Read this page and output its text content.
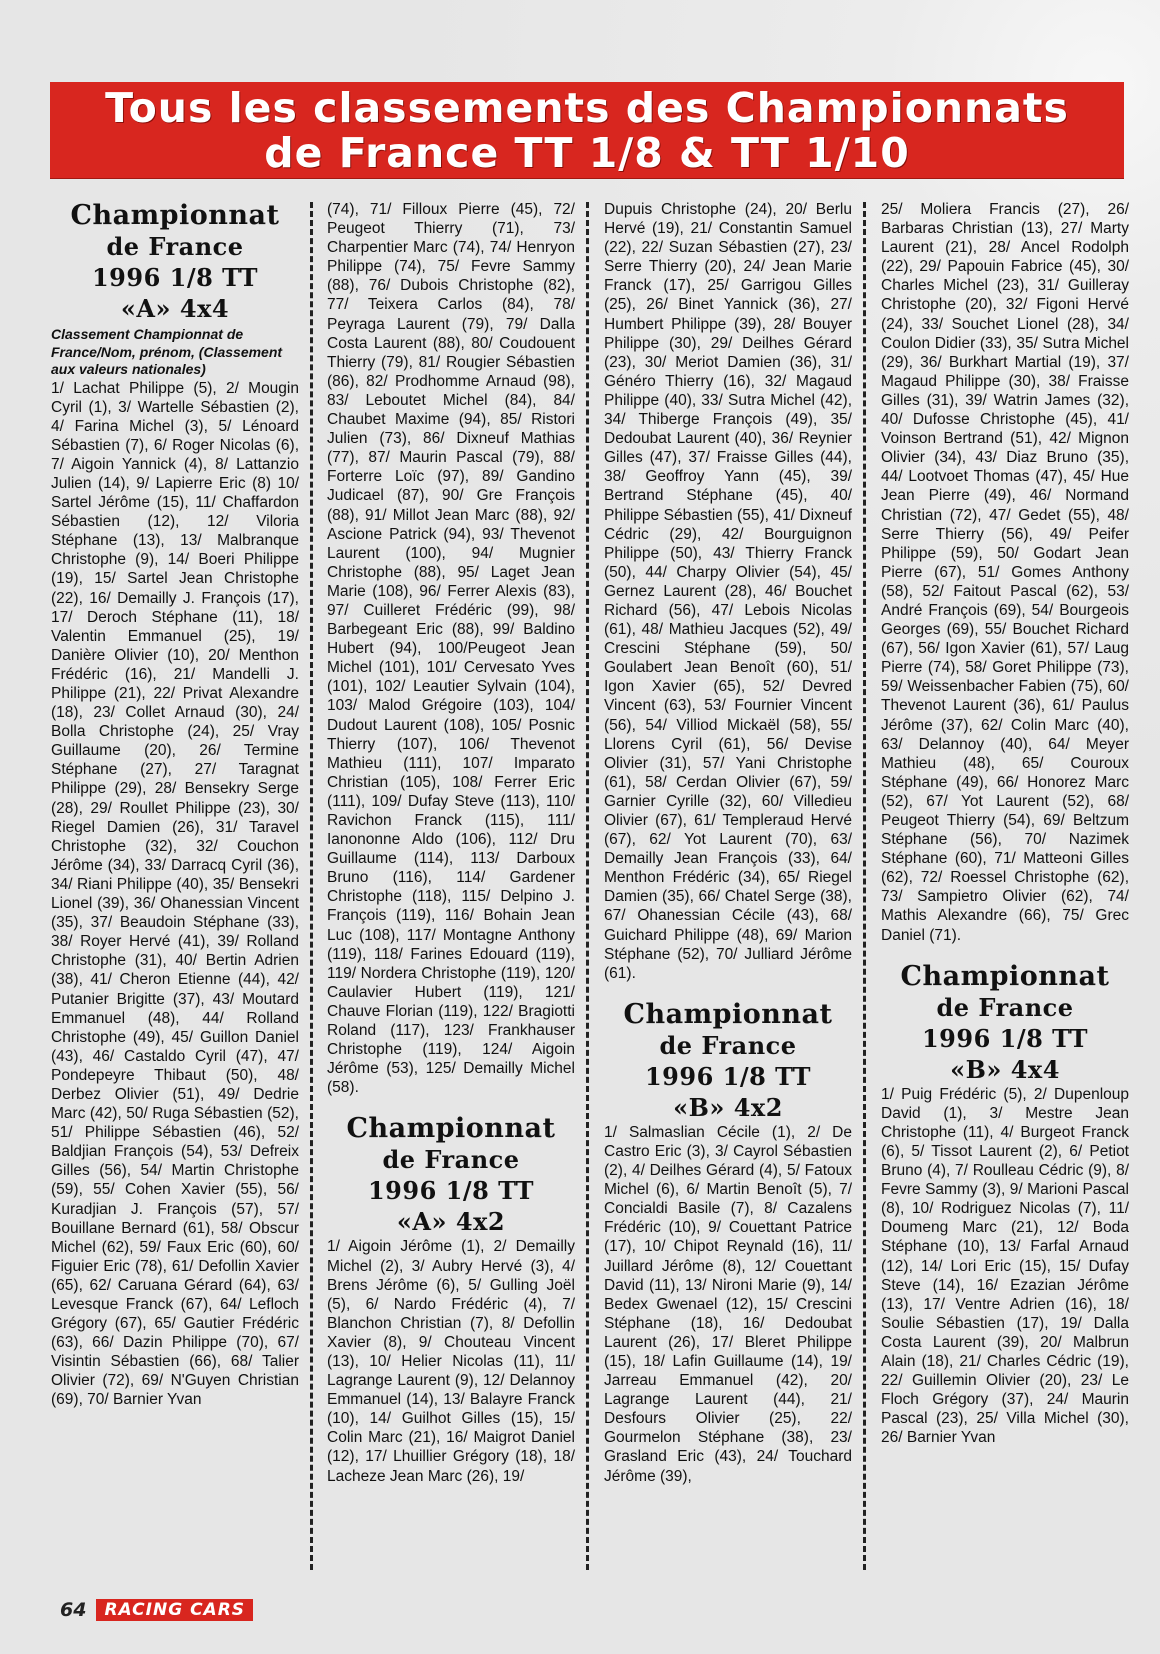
Tous les classements des Championnats
de France TT 1/8 & TT 1/10
Championnat
de France
1996 1/8 TT
«A» 4x4

Classement Championnat de France/Nom, prénom, (Classement aux valeurs nationales)

1/ Lachat Philippe (5), 2/ Mougin Cyril (1), 3/ Wartelle Sébastien (2), 4/ Farina Michel (3), 5/ Lénoard Sébastien (7), 6/ Roger Nicolas (6), 7/ Aigoin Yannick (4), 8/ Lattanzio Julien (14), 9/ Lapierre Eric (8) 10/ Sartel Jérôme (15), 11/ Chaffardon Sébastien (12), 12/ Viloria Stéphane (13), 13/ Malbranque Christophe (9), 14/ Boeri Philippe (19), 15/ Sartel Jean Christophe (22), 16/ Demailly J. François (17), 17/ Deroch Stéphane (11), 18/ Valentin Emmanuel (25), 19/ Danière Olivier (10), 20/ Menthon Frédéric (16), 21/ Mandelli J. Philippe (21), 22/ Privat Alexandre (18), 23/ Collet Arnaud (30), 24/ Bolla Christophe (24), 25/ Vray Guillaume (20), 26/ Termine Stéphane (27), 27/ Taragnat Philippe (29), 28/ Bensekry Serge (28), 29/ Roullet Philippe (23), 30/ Riegel Damien (26), 31/ Taravel Christophe (32), 32/ Couchon Jérôme (34), 33/ Darracq Cyril (36), 34/ Riani Philippe (40), 35/ Bensekri Lionel (39), 36/ Ohanessian Vincent (35), 37/ Beaudoin Stéphane (33), 38/ Royer Hervé (41), 39/ Rolland Christophe (31), 40/ Bertin Adrien (38), 41/ Cheron Etienne (44), 42/ Putanier Brigitte (37), 43/ Moutard Emmanuel (48), 44/ Rolland Christophe (49), 45/ Guillon Daniel (43), 46/ Castaldo Cyril (47), 47/ Pondepeyre Thibaut (50), 48/ Derbez Olivier (51), 49/ Dedrie Marc (42), 50/ Ruga Sébastien (52), 51/ Philippe Sébastien (46), 52/ Baldjian François (54), 53/ Defreix Gilles (56), 54/ Martin Christophe (59), 55/ Cohen Xavier (55), 56/ Kuradjian J. François (57), 57/ Bouillane Bernard (61), 58/ Obscur Michel (62), 59/ Faux Eric (60), 60/ Figuier Eric (78), 61/ Defollin Xavier (65), 62/ Caruana Gérard (64), 63/ Levesque Franck (67), 64/ Lefloch Grégory (67), 65/ Gautier Frédéric (63), 66/ Dazin Philippe (70), 67/ Visintin Sébastien (66), 68/ Talier Olivier (72), 69/ N'Guyen Christian (69), 70/ Barnier Yvan

(74), 71/ Filloux Pierre (45), 72/ Peugeot Thierry (71), 73/ Charpentier Marc (74), 74/ Henryon Philippe (74), 75/ Fevre Sammy (88), 76/ Dubois Christophe (82), 77/ Teixera Carlos (84), 78/ Peyraga Laurent (79), 79/ Dalla Costa Laurent (88), 80/ Coudouent Thierry (79), 81/ Rougier Sébastien (86), 82/ Prodhomme Arnaud (98), 83/ Leboutet Michel (84), 84/ Chaubet Maxime (94), 85/ Ristori Julien (73), 86/ Dixneuf Mathias (77), 87/ Maurin Pascal (79), 88/ Forterre Loïc (97), 89/ Gandino Judicael (87), 90/ Gre François (88), 91/ Millot Jean Marc (88), 92/ Ascione Patrick (94), 93/ Thevenot Laurent (100), 94/ Mugnier Christophe (88), 95/ Laget Jean Marie (108), 96/ Ferrer Alexis (83), 97/ Cuilleret Frédéric (99), 98/ Barbegeant Eric (88), 99/ Baldino Hubert (94), 100/Peugeot Jean Michel (101), 101/ Cervesato Yves (101), 102/ Leautier Sylvain (104), 103/ Malod Grégoire (103), 104/ Dudout Laurent (108), 105/ Posnic Thierry (107), 106/ Thevenot Mathieu (111), 107/ Imparato Christian (105), 108/ Ferrer Eric (111), 109/ Dufay Steve (113), 110/ Ravichon Franck (115), 111/ Ianononne Aldo (106), 112/ Dru Guillaume (114), 113/ Darboux Bruno (116), 114/ Gardener Christophe (118), 115/ Delpino J. François (119), 116/ Bohain Jean Luc (108), 117/ Montagne Anthony (119), 118/ Farines Edouard (119), 119/ Nordera Christophe (119), 120/ Caulavier Hubert (119), 121/ Chauve Florian (119), 122/ Bragiotti Roland (117), 123/ Frankhauser Christophe (119), 124/ Aigoin Jérôme (53), 125/ Demailly Michel (58).

Championnat
de France
1996 1/8 TT
«A» 4x2

1/ Aigoin Jérôme (1), 2/ Demailly Michel (2), 3/ Aubry Hervé (3), 4/ Brens Jérôme (6), 5/ Gulling Joël (5), 6/ Nardo Frédéric (4), 7/ Blanchon Christian (7), 8/ Defollin Xavier (8), 9/ Chouteau Vincent (13), 10/ Helier Nicolas (11), 11/ Lagrange Laurent (9), 12/ Delannoy Emmanuel (14), 13/ Balayre Franck (10), 14/ Guilhot Gilles (15), 15/ Colin Marc (21), 16/ Maigrot Daniel (12), 17/ Lhuillier Grégory (18), 18/ Lacheze Jean Marc (26), 19/

Dupuis Christophe (24), 20/ Berlu Hervé (19), 21/ Constantin Samuel (22), 22/ Suzan Sébastien (27), 23/ Serre Thierry (20), 24/ Jean Marie Franck (17), 25/ Garrigou Gilles (25), 26/ Binet Yannick (36), 27/ Humbert Philippe (39), 28/ Bouyer Philippe (30), 29/ Deilhes Gérard (23), 30/ Meriot Damien (36), 31/ Généro Thierry (16), 32/ Magaud Philippe (40), 33/ Sutra Michel (42), 34/ Thiberge François (49), 35/ Dedoubat Laurent (40), 36/ Reynier Gilles (47), 37/ Fraisse Gilles (44), 38/ Geoffroy Yann (45), 39/ Bertrand Stéphane (45), 40/ Philippe Sébastien (55), 41/ Dixneuf Cédric (29), 42/ Bourguignon Philippe (50), 43/ Thierry Franck (50), 44/ Charpy Olivier (54), 45/ Gernez Laurent (28), 46/ Bouchet Richard (56), 47/ Lebois Nicolas (61), 48/ Mathieu Jacques (52), 49/ Crescini Stéphane (59), 50/ Goulabert Jean Benoît (60), 51/ Igon Xavier (65), 52/ Devred Vincent (63), 53/ Fournier Vincent (56), 54/ Villiod Mickaël (58), 55/ Llorens Cyril (61), 56/ Devise Olivier (31), 57/ Yani Christophe (61), 58/ Cerdan Olivier (67), 59/ Garnier Cyrille (32), 60/ Villedieu Olivier (67), 61/ Templeraud Hervé (67), 62/ Yot Laurent (70), 63/ Demailly Jean François (33), 64/ Menthon Frédéric (34), 65/ Riegel Damien (35), 66/ Chatel Serge (38), 67/ Ohanessian Cécile (43), 68/ Guichard Philippe (48), 69/ Marion Stéphane (52), 70/ Julliard Jérôme (61).

Championnat
de France
1996 1/8 TT
«B» 4x2

1/ Salmaslian Cécile (1), 2/ De Castro Eric (3), 3/ Cayrol Sébastien (2), 4/ Deilhes Gérard (4), 5/ Fatoux Michel (6), 6/ Martin Benoît (5), 7/ Concialdi Basile (7), 8/ Cazalens Frédéric (10), 9/ Couettant Patrice (17), 10/ Chipot Reynald (16), 11/ Juillard Jérôme (8), 12/ Couettant David (11), 13/ Nironi Marie (9), 14/ Bedex Gwenael (12), 15/ Crescini Stéphane (18), 16/ Dedoubat Laurent (26), 17/ Bleret Philippe (15), 18/ Lafin Guillaume (14), 19/ Jarreau Emmanuel (42), 20/ Lagrange Laurent (44), 21/ Desfours Olivier (25), 22/ Gourmelon Stéphane (38), 23/ Grasland Eric (43), 24/ Touchard Jérôme (39),

25/ Moliera Francis (27), 26/ Barbaras Christian (13), 27/ Marty Laurent (21), 28/ Ancel Rodolph (22), 29/ Papouin Fabrice (45), 30/ Charles Michel (23), 31/ Guilleray Christophe (20), 32/ Figoni Hervé (24), 33/ Souchet Lionel (28), 34/ Coulon Didier (33), 35/ Sutra Michel (29), 36/ Burkhart Martial (19), 37/ Magaud Philippe (30), 38/ Fraisse Gilles (31), 39/ Watrin James (32), 40/ Dufosse Christophe (45), 41/ Voinson Bertrand (51), 42/ Mignon Olivier (34), 43/ Diaz Bruno (35), 44/ Lootvoet Thomas (47), 45/ Hue Jean Pierre (49), 46/ Normand Christian (72), 47/ Gedet (55), 48/ Serre Thierry (56), 49/ Peifer Philippe (59), 50/ Godart Jean Pierre (67), 51/ Gomes Anthony (58), 52/ Faitout Pascal (62), 53/ André François (69), 54/ Bourgeois Georges (69), 55/ Bouchet Richard (67), 56/ Igon Xavier (61), 57/ Laug Pierre (74), 58/ Goret Philippe (73), 59/ Weissenbacher Fabien (75), 60/ Thevenot Laurent (36), 61/ Paulus Jérôme (37), 62/ Colin Marc (40), 63/ Delannoy (40), 64/ Meyer Mathieu (48), 65/ Couroux Stéphane (49), 66/ Honorez Marc (52), 67/ Yot Laurent (52), 68/ Peugeot Thierry (54), 69/ Beltzum Stéphane (56), 70/ Nazimek Stéphane (60), 71/ Matteoni Gilles (62), 72/ Roessel Christophe (62), 73/ Sampietro Olivier (62), 74/ Mathis Alexandre (66), 75/ Grec Daniel (71).

Championnat
de France
1996 1/8 TT
«B» 4x4

1/ Puig Frédéric (5), 2/ Dupenloup David (1), 3/ Mestre Jean Christophe (11), 4/ Burgeot Franck (6), 5/ Tissot Laurent (2), 6/ Petiot Bruno (4), 7/ Roulleau Cédric (9), 8/ Fevre Sammy (3), 9/ Marioni Pascal (8), 10/ Rodriguez Nicolas (7), 11/ Doumeng Marc (21), 12/ Boda Stéphane (10), 13/ Farfal Arnaud (12), 14/ Lori Eric (15), 15/ Dufay Steve (14), 16/ Ezazian Jérôme (13), 17/ Ventre Adrien (16), 18/ Soulie Sébastien (17), 19/ Dalla Costa Laurent (39), 20/ Malbrun Alain (18), 21/ Charles Cédric (19), 22/ Guillemin Olivier (20), 23/ Le Floch Grégory (37), 24/ Maurin Pascal (23), 25/ Villa Michel (30), 26/ Barnier Yvan

64	RACING CARS
